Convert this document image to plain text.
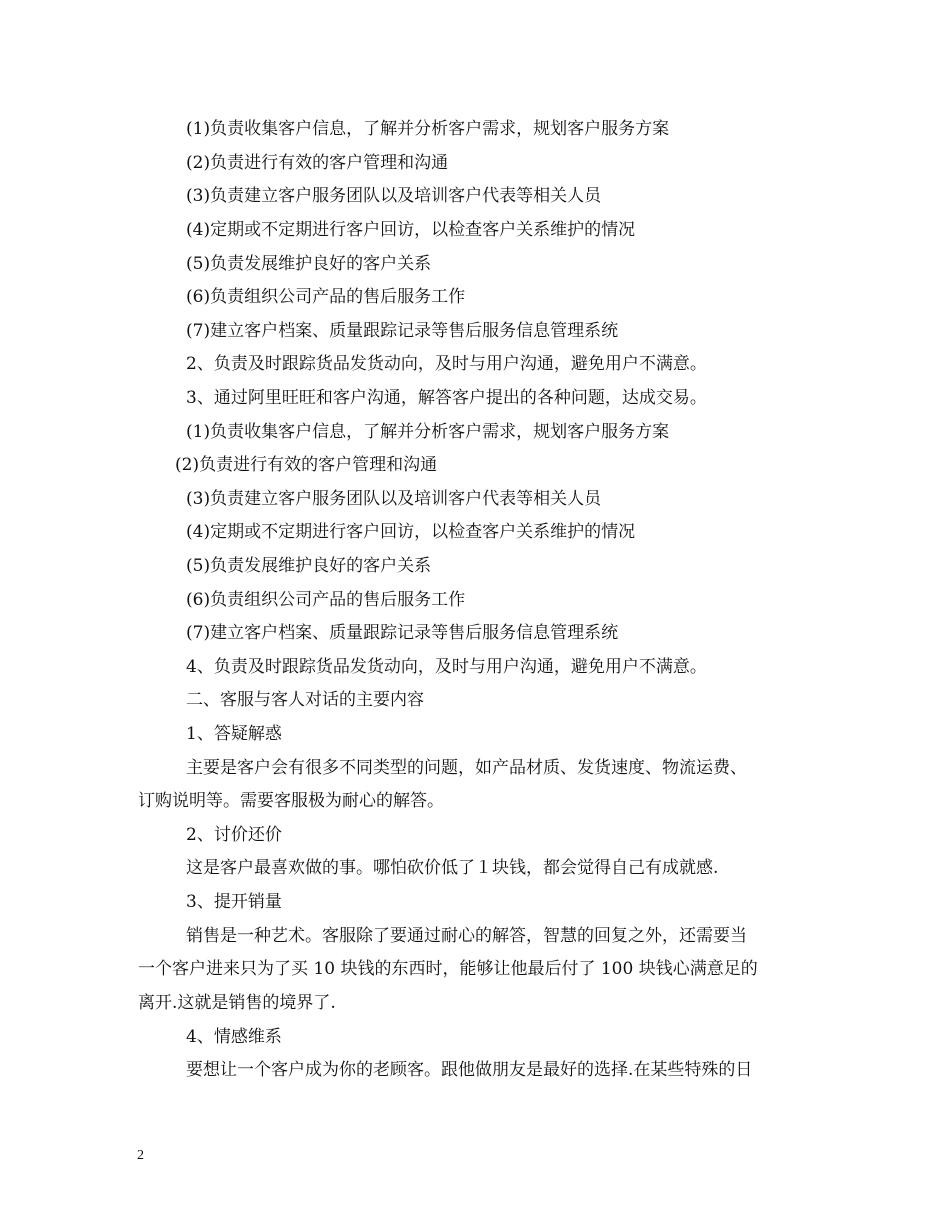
(1)负责收集客户信息，了解并分析客户需求，规划客户服务方案
(2)负责进行有效的客户管理和沟通
(3)负责建立客户服务团队以及培训客户代表等相关人员
(4)定期或不定期进行客户回访，以检查客户关系维护的情况
(5)负责发展维护良好的客户关系
(6)负责组织公司产品的售后服务工作
(7)建立客户档案、质量跟踪记录等售后服务信息管理系统
2、负责及时跟踪货品发货动向，及时与用户沟通，避免用户不满意。
3、通过阿里旺旺和客户沟通，解答客户提出的各种问题，达成交易。
(1)负责收集客户信息，了解并分析客户需求，规划客户服务方案
(2)负责进行有效的客户管理和沟通
(3)负责建立客户服务团队以及培训客户代表等相关人员
(4)定期或不定期进行客户回访，以检查客户关系维护的情况
(5)负责发展维护良好的客户关系
(6)负责组织公司产品的售后服务工作
(7)建立客户档案、质量跟踪记录等售后服务信息管理系统
4、负责及时跟踪货品发货动向，及时与用户沟通，避免用户不满意。
二、客服与客人对话的主要内容
1、答疑解惑
主要是客户会有很多不同类型的问题，如产品材质、发货速度、物流运费、
订购说明等。需要客服极为耐心的解答。
2、讨价还价
这是客户最喜欢做的事。哪怕砍价低了１块钱，都会觉得自己有成就感.
3、提开销量
销售是一种艺术。客服除了要通过耐心的解答，智慧的回复之外，还需要当
一个客户进来只为了买 10 块钱的东西时，能够让他最后付了 100 块钱心满意足的
离开.这就是销售的境界了.
4、情感维系
要想让一个客户成为你的老顾客。跟他做朋友是最好的选择.在某些特殊的日
2
